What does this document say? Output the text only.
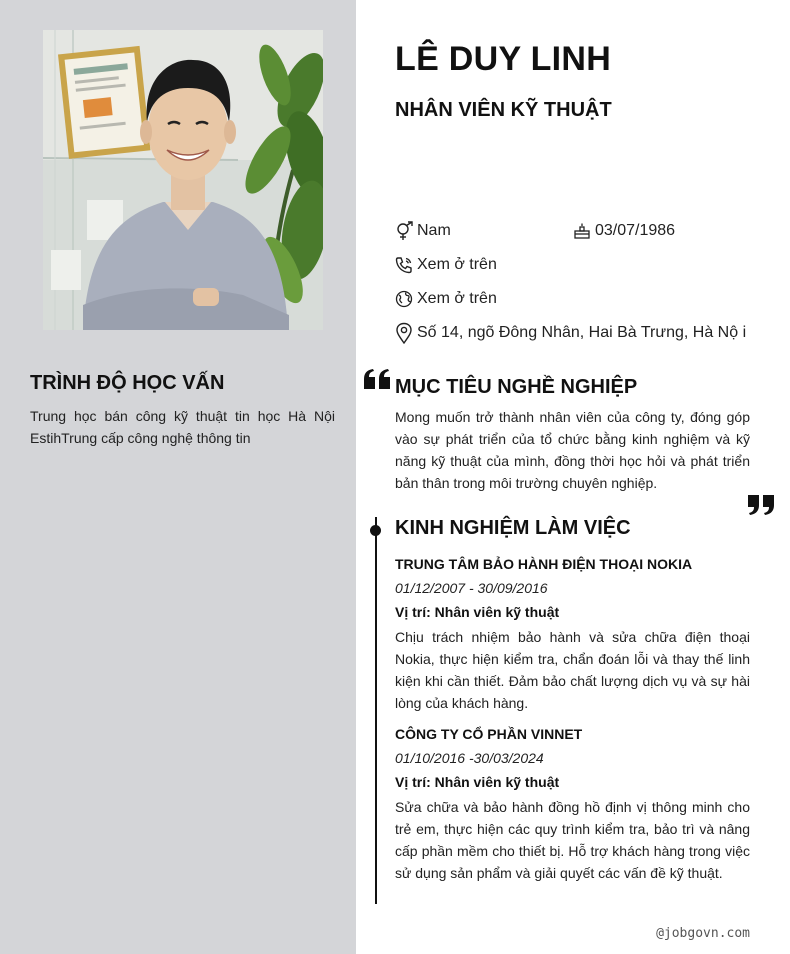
TRÌNH ĐỘ HỌC VẤN

Trung học bán công kỹ thuật tin học Hà Nội EstihTrung cấp công nghệ thông tin

LÊ DUY LINH
NHÂN VIÊN KỸ THUẬT
Nam	03/07/1986
Xem ở trên
Xem ở trên
Số 14, ngõ Đông Nhân, Hai Bà Trưng, Hà Nộ i
MỤC TIÊU NGHỀ NGHIỆP

Mong muốn trở thành nhân viên của công ty, đóng góp vào sự phát triển của tổ chức bằng kinh nghiệm và kỹ năng kỹ thuật của mình, đồng thời học hỏi và phát triển bản thân trong môi trường chuyên nghiệp.

KINH NGHIỆM LÀM VIỆC

TRUNG TÂM BẢO HÀNH ĐIỆN THOẠI NOKIA

01/12/2007 - 30/09/2016

Vị trí: Nhân viên kỹ thuật

Chịu trách nhiệm bảo hành và sửa chữa điện thoại Nokia, thực hiện kiểm tra, chẩn đoán lỗi và thay thế linh kiện khi cần thiết. Đảm bảo chất lượng dịch vụ và sự hài lòng của khách hàng.

CÔNG TY CỔ PHẦN VINNET

01/10/2016 -30/03/2024

Vị trí: Nhân viên kỹ thuật

Sửa chữa và bảo hành đồng hồ định vị thông minh cho trẻ em, thực hiện các quy trình kiểm tra, bảo trì và nâng cấp phần mềm cho thiết bị. Hỗ trợ khách hàng trong việc sử dụng sản phẩm và giải quyết các vấn đề kỹ thuật.

@jobgovn.com
